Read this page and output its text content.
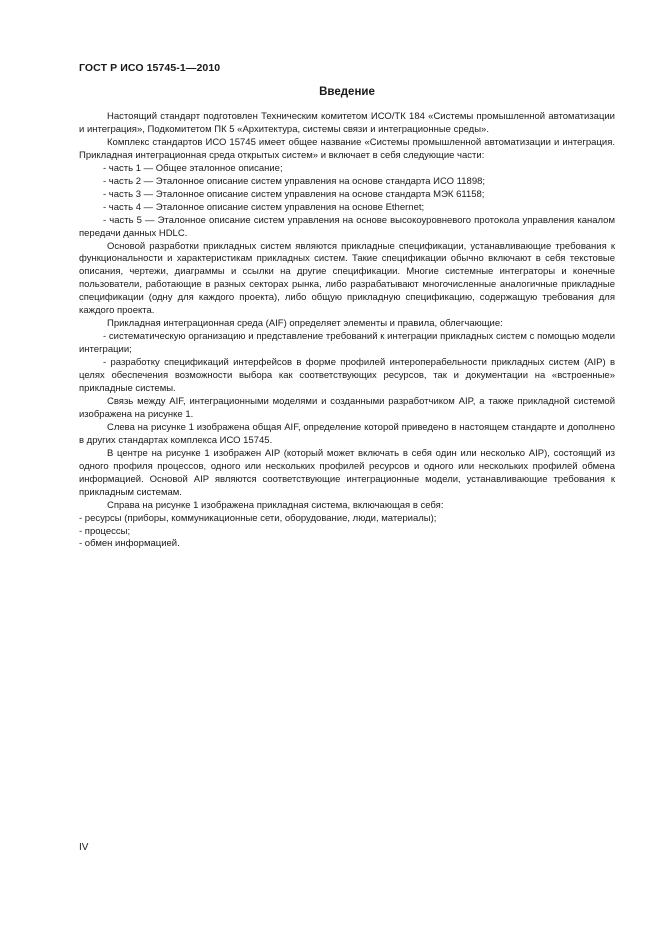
ГОСТ Р ИСО 15745-1—2010
Введение

Настоящий стандарт подготовлен Техническим комитетом ИСО/ТК 184 «Системы промышленной автоматизации и интеграция», Подкомитетом ПК 5 «Архитектура, системы связи и интеграционные среды».

Комплекс стандартов ИСО 15745 имеет общее название «Системы промышленной автоматизации и интеграция. Прикладная интеграционная среда открытых систем» и включает в себя следующие части:

- часть 1 — Общее эталонное описание;

- часть 2 — Эталонное описание систем управления на основе стандарта ИСО 11898;

- часть 3 — Эталонное описание систем управления на основе стандарта МЭК 61158;

- часть 4 — Эталонное описание систем управления на основе Ethernet;

- часть 5 — Эталонное описание систем управления на основе высокоуровневого протокола управления каналом передачи данных HDLC.

Основой разработки прикладных систем являются прикладные спецификации, устанавливающие требования к функциональности и характеристикам прикладных систем. Такие спецификации обычно включают в себя текстовые описания, чертежи, диаграммы и ссылки на другие спецификации. Многие системные интеграторы и конечные пользователи, работающие в разных секторах рынка, либо разрабатывают многочисленные аналогичные прикладные спецификации (одну для каждого проекта), либо общую прикладную спецификацию, содержащую требования для каждого проекта.

Прикладная интеграционная среда (AIF) определяет элементы и правила, облегчающие:

- систематическую организацию и представление требований к интеграции прикладных систем с помощью модели интеграции;

- разработку спецификаций интерфейсов в форме профилей интероперабельности прикладных систем (AIP) в целях обеспечения возможности выбора как соответствующих ресурсов, так и документации на «встроенные» прикладные системы.

Связь между AIF, интеграционными моделями и созданными разработчиком AIP, а также прикладной системой изображена на рисунке 1.

Слева на рисунке 1 изображена общая AIF, определение которой приведено в настоящем стандарте и дополнено в других стандартах комплекса ИСО 15745.

В центре на рисунке 1 изображен AIP (который может включать в себя один или несколько AIP), состоящий из одного профиля процессов, одного или нескольких профилей ресурсов и одного или нескольких профилей обмена информацией. Основой AIP являются соответствующие интеграционные модели, устанавливающие требования к прикладным системам.

Справа на рисунке 1 изображена прикладная система, включающая в себя:

- ресурсы (приборы, коммуникационные сети, оборудование, люди, материалы);

- процессы;

- обмен информацией.

IV
